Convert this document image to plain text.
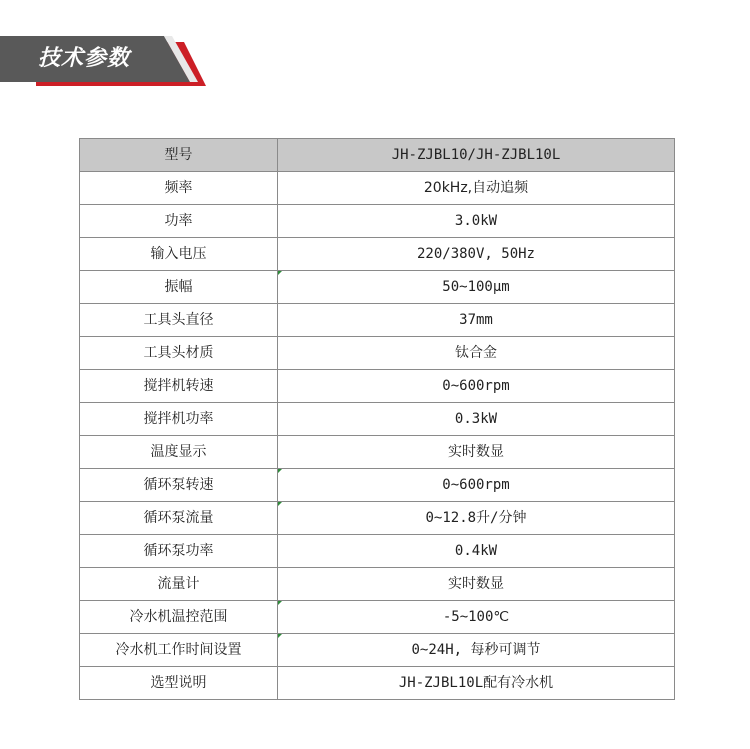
技术参数
型号	JH-ZJBL10/JH-ZJBL10L
频率	20kHz,自动追频
功率	3.0kW
输入电压	220/380V, 50Hz
振幅	50~100μm
工具头直径	37mm
工具头材质	钛合金
搅拌机转速	0~600rpm
搅拌机功率	0.3kW
温度显示	实时数显
循环泵转速	0~600rpm
循环泵流量	0~12.8升/分钟
循环泵功率	0.4kW
流量计	实时数显
冷水机温控范围	-5~100℃
冷水机工作时间设置	0~24H, 每秒可调节
选型说明	JH-ZJBL10L配有冷水机
